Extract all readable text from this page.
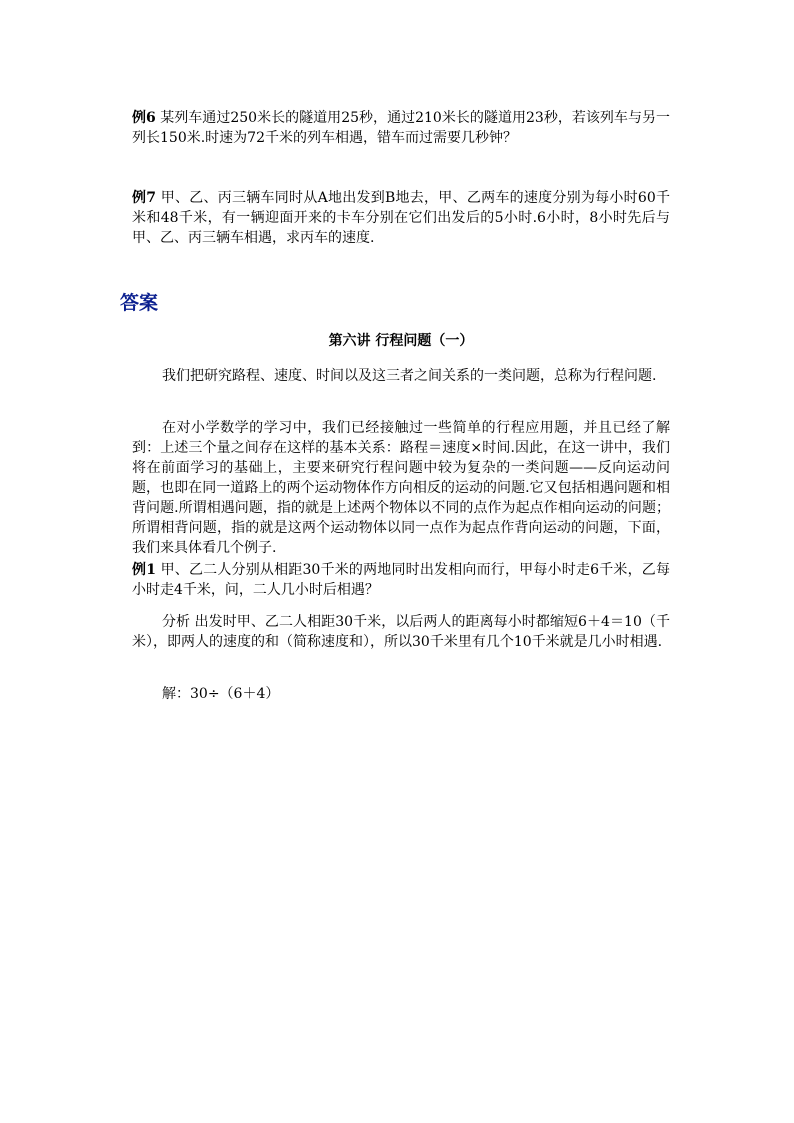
例6 某列车通过250米长的隧道用25秒，通过210米长的隧道用23秒，若该列车与另一列长150米.时速为72千米的列车相遇，错车而过需要几秒钟？

例7 甲、乙、丙三辆车同时从A地出发到B地去，甲、乙两车的速度分别为每小时60千米和48千米，有一辆迎面开来的卡车分别在它们出发后的5小时.6小时，8小时先后与甲、乙、丙三辆车相遇，求丙车的速度.

答案
第六讲 行程问题（一）

我们把研究路程、速度、时间以及这三者之间关系的一类问题，总称为行程问题.

在对小学数学的学习中，我们已经接触过一些简单的行程应用题，并且已经了解到：上述三个量之间存在这样的基本关系：路程＝速度×时间.因此，在这一讲中，我们将在前面学习的基础上，主要来研究行程问题中较为复杂的一类问题——反向运动问题，也即在同一道路上的两个运动物体作方向相反的运动的问题.它又包括相遇问题和相背问题.所谓相遇问题，指的就是上述两个物体以不同的点作为起点作相向运动的问题；所谓相背问题，指的就是这两个运动物体以同一点作为起点作背向运动的问题，下面，我们来具体看几个例子.

例1 甲、乙二人分别从相距30千米的两地同时出发相向而行，甲每小时走6千米，乙每小时走4千米，问，二人几小时后相遇？

分析 出发时甲、乙二人相距30千米，以后两人的距离每小时都缩短6＋4＝10（千米），即两人的速度的和（简称速度和），所以30千米里有几个10千米就是几小时相遇.

解：30÷（6＋4）
